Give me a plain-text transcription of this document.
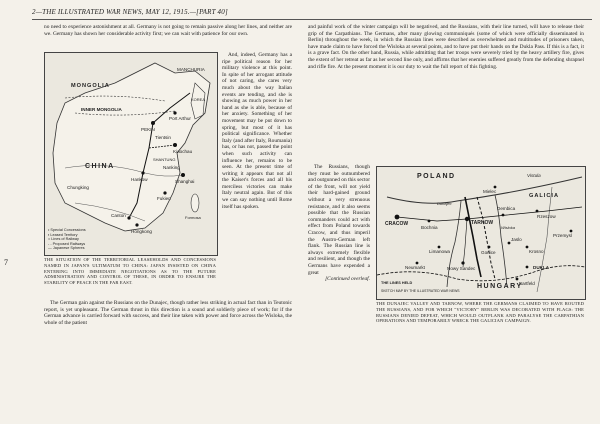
2—THE ILLUSTRATED WAR NEWS, MAY 12, 1915.—[PART 40]

no need to experience astonishment at all. Germany is not going to remain passive along her lines, and neither are we. Germany has shown her considerable activity first; we can wait with patience for our own.

MONGOLIA
INNER MONGOLIA
MANCHURIA
PEKIN
Port Arthur
Tientsin
Kiaochau
SHANTUNG
CHINA	Nanking
Shanghai
Hankow
Chungking
Fukien
Canton
Hongkong
KOREA
Formosa
• Special Concessions
▪ Leased Territory
= Lines of Railway
- - Proposed Railways
— Japanese Spheres
THE SITUATION OF THE TERRITORIAL LEASEHOLDS AND CONCESSIONS NAMED IN JAPAN'S ULTIMATUM TO CHINA: JAPAN INSISTED ON CHINA ENTERING INTO IMMEDIATE NEGOTIATIONS AS TO THE FUTURE ADMINISTRATION AND CONTROL OF THESE, IN ORDER TO ENSURE THE STABILITY OF PEACE IN THE FAR EAST.

And, indeed, Germany has a ripe political reason for her military violence at this point. In spite of her arrogant attitude of not caring, she cares very much about the way Italian events are tending, and she is showing as much power in her hand as she is able, because of her anxiety. Something of her movement may be put down to spring, but most of it has political significance. Whether Italy (and after Italy, Roumania) has, or has not, passed the point when such activity can influence her, remains to be seen. At the present time of writing it appears that not all the Kaiser's forces and all his merciless victories can make Italy neutral again. But of this we can say nothing until Rome itself has spoken.

The German gain against the Russians on the Dunajec, though rather less striking in actual fact than in Teutonic report, is yet unpleasant. The German thrust in this direction is a sound and soldierly piece of work; for if the German advance is carried forward with success, and their line taken with power and force across the Wisloka, the whole of the patient

and painful work of the winter campaign will be negatived, and the Russians, with their line turned, will have to release their grip of the Carpathians. The Germans, after many glowing communiqués (some of which were officially disseminated in Berlin) throughout the week, in which the Russian lines were described as overwhelmed and multitudes of prisoners taken, have made claim to have forced the Wisloka at several points, and to have put their hands on the Dukla Pass. If this is a fact, it is a grave fact. On the other hand, Russia, while admitting that her troops were severely tried by the heavy artillery fire, gives the extent of her retreat as far as her second line only, and affirms that her enemies suffered greatly from the defending shrapnel and rifle fire. At the present moment it is our duty to wait the full report of this fighting.

The Russians, though they must be outnumbered and outgunned on this sector of the front, will not yield their hard-gained ground without a very strenuous resistance, and it also seems possible that the Russian commanders could act with effect from Poland towards Cracow, and thus imperil the Austro-German left flank. The Russian line is always extremely flexible and resilient, and though the Germans have expended a great

[Continued overleaf.
POLAND	Vistula
CRACOW	TARNOW
Bochnia
Nowy Sandec
Gorlice
Jaslo
Dembica
Rzeszow
Mielec
Krosno
Bartfeld
Przemysl
Neumarkt
Limanowa
DUKLA
Dunajec
Wisloka
GALICIA
HUNGARY
THE LINES HELD
SKETCH MAP BY THE ILLUSTRATED WAR NEWS
THE DUNAJEC VALLEY AND TARNOW, WHERE THE GERMANS CLAIMED TO HAVE ROUTED THE RUSSIANS, AND FOR WHICH "VICTORY" BERLIN WAS DECORATED WITH FLAGS: THE RUSSIANS DENIED DEFEAT, WHICH WOULD OUTFLANK AND PARALYSE THE CARPATHIAN OPERATIONS AND TEMPORARILY WRECK THE GALICIAN CAMPAIGN.
7
